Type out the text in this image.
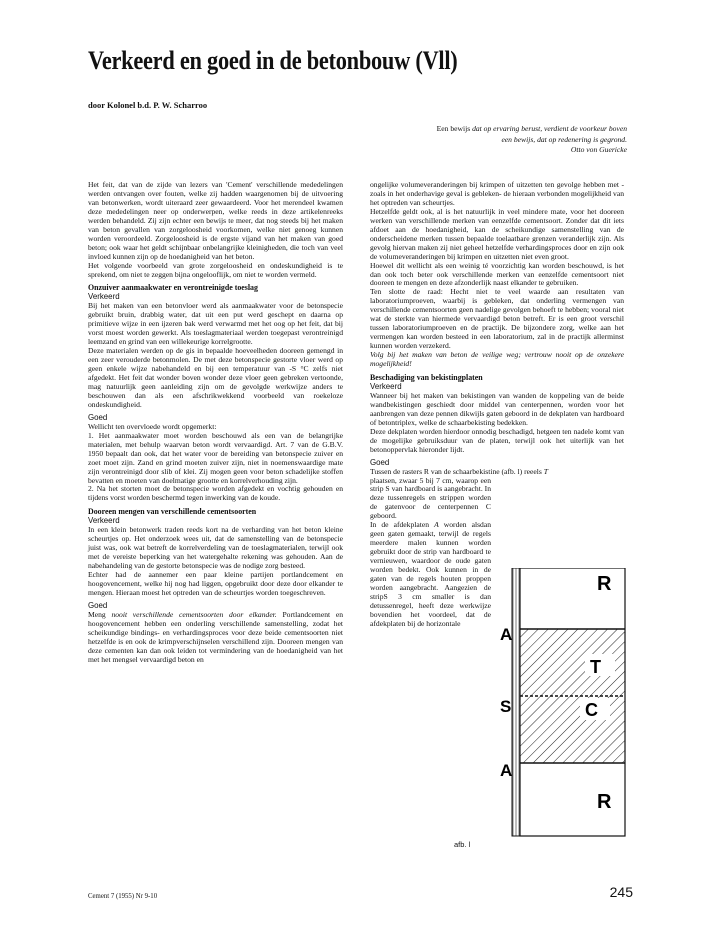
Verkeerd en goed in de betonbouw (Vll)

door Kolonel b.d. P. W. Scharroo

Een bewijs dat op ervaring berust, verdient de voorkeur boven een bewijs, dat op redenering is gegrond.
Otto von Guericke

Het feit, dat van de zijde van lezers van 'Cement' verschillende mededelingen werden ontvangen over fouten, welke zij hadden waargenomen bij de uitvoering van betonwerken, wordt uiteraard zeer gewaardeerd. Voor het merendeel kwamen deze mededelingen neer op onderwerpen, welke reeds in deze artikelenreeks werden behandeld. Zij zijn echter een bewijs te meer, dat nog steeds bij het maken van beton gevallen van zorgeloosheid voorkomen, welke niet genoeg kunnen worden veroordeeld. Zorgeloosheid is de ergste vijand van het maken van goed beton; ook waar het geldt schijnbaar onbelangrijke kleinigheden, die toch van veel invloed kunnen zijn op de hoedanigheid van het beton.

Het volgende voorbeeld van grote zorgeloosheid en ondeskundigheid is te sprekend, om niet te zeggen bijna ongelooflijk, om niet te worden vermeld.

Onzuiver aanmaakwater en verontreinigde toeslag

Verkeerd

Bij het maken van een betonvloer werd als aanmaakwater voor de betonspecie gebruikt bruin, drabbig water, dat uit een put werd geschept en daarna op primitieve wijze in een ijzeren bak werd verwarmd met het oog op het feit, dat bij vorst moest worden gewerkt. Als toeslagmateriaal werden toegepast verontreinigd leemzand en grind van een willekeurige korrelgrootte.

Deze materialen werden op de gis in bepaalde hoeveelheden dooreen gemengd in een zeer verouderde betonmolen. De met deze betonspecie gestorte vloer werd op geen enkele wijze nabehandeld en bij een temperatuur van -S °C zelfs niet afgedekt. Het feit dat wonder boven wonder deze vloer geen gebreken vertoonde, mag natuurlijk geen aanleiding zijn om de gevolgde werkwijze anders te beschouwen dan als een afschrikwekkend voorbeeld van roekeloze ondeskundigheid.

Goed

Wellicht ten overvloede wordt opgemerkt:

1. Het aanmaakwater moet worden beschouwd als een van de belangrijke materialen, met behulp waarvan beton wordt vervaardigd. Art. 7 van de G.B.V. 1950 bepaalt dan ook, dat het water voor de bereiding van betonspecie zuiver en zoet moet zijn. Zand en grind moeten zuiver zijn, niet in noemenswaardige mate zijn verontreinigd door slib of klei. Zij mogen geen voor beton schadelijke stoffen bevatten en moeten van doelmatige grootte en korrelverhouding zijn.

2. Na het storten moet de betonspecie worden afgedekt en vochtig gehouden en tijdens vorst worden beschermd tegen inwerking van de koude.

Dooreen mengen van verschillende cementsoorten

Verkeerd

In een klein betonwerk traden reeds kort na de verharding van het beton kleine scheurtjes op. Het onderzoek wees uit, dat de samenstelling van de betonspecie juist was, ook wat betreft de korrelverdeling van de toeslagmaterialen, terwijl ook met de vereiste beperking van het watergehalte rekening was gehouden. Aan de nabehandeling van de gestorte betonspecie was de nodige zorg besteed.

Echter had de aannemer een paar kleine partijen portlandcement en hoogovencement, welke hij nog had liggen, opgebruikt door deze door elkander te mengen. Hieraan moest het optreden van de scheurtjes worden toegeschreven.

Goed

Meng nooit verschillende cementsoorten door elkander. Portlandcement en hoogovencement hebben een onderling verschillende samenstelling, zodat het scheikundige bindings- en verhardingsproces voor deze beide cementsoorten niet hetzelfde is en ook de krimpverschijnselen verschillend zijn. Dooreen mengen van deze cementen kan dan ook leiden tot vermindering van de hoedanigheid van het met het mengsel vervaardigd beton en

ongelijke volumeveranderingen bij krimpen of uitzetten ten gevolge hebben met -zoals in het onderhavige geval is gebleken- de hieraan verbonden mogelijkheid van het optreden van scheurtjes.

Hetzelfde geldt ook, al is het natuurlijk in veel mindere mate, voor het dooreen werken van verschillende merken van eenzelfde cementsoort. Zonder dat dit iets afdoet aan de hoedanigheid, kan de scheikundige samenstelling van de onderscheidene merken tussen bepaalde toelaatbare grenzen veranderlijk zijn. Als gevolg hiervan maken zij niet geheel hetzelfde verhardingsproces door en zijn ook de volumeveranderingen bij krimpen en uitzetten niet even groot.

Hoewel dit wellicht als een weinig té voorzichtig kan worden beschouwd, is het dan ook toch beter ook verschillende merken van eenzelfde cementsoort niet dooreen te mengen en deze afzonderlijk naast elkander te gebruiken.

Ten slotte de raad: Hecht niet te veel waarde aan resultaten van laboratoriumproeven, waarbij is gebleken, dat onderling vermengen van verschillende cementsoorten geen nadelige gevolgen behoeft te hebben; vooral niet wat de sterkte van hiermede vervaardigd beton betreft. Er is een groot verschil tussen laboratoriumproeven en de practijk. De bijzondere zorg, welke aan het vermengen kan worden besteed in een laboratorium, zal in de practijk allerminst kunnen worden verzekerd.

Volg bij het maken van beton de veilige weg; vertrouw nooit op de onzekere mogelijkheid!

Beschadiging van bekistingplaten

Verkeerd

Wanneer bij het maken van bekistingen van wanden de koppeling van de beide wandbekistingen geschiedt door middel van centerpennen, worden voor het aanbrengen van deze pennen dikwijls gaten geboord in de dekplaten van hardboard of betontriplex, welke de schaarbekisting bedekken.

Deze dekplaten worden hierdoor onnodig beschadigd, hetgeen ten nadele komt van de mogelijke gebruiksduur van de platen, terwijl ook het uiterlijk van het betonoppervlak hieronder lijdt.

Goed

Tussen de rasters R van de schaarbekistine (afb. l) reeels T

plaatsen, zwaar 5 bij 7 cm, waarop een strip S van hardboard is aangebracht. In deze tussenregels en strippen worden de gatenvoor de centerpennen C geboord.

In de afdekplaten A worden alsdan geen gaten gemaakt, terwijl de regels meerdere malen kunnen worden gebruikt door de strip van hardboard te vernieuwen, waardoor de oude gaten worden bedekt. Ook kunnen in de gaten van de regels houten proppen worden aangebracht. Aangezien de stripS 3 cm smaller is dan detussenregel, heeft deze werkwijze bovendien het voordeel, dat de afdekplaten bij de horizontale

R
T
C
R
A
S
A
afb. l
Cement 7 (1955) Nr 9-10	245
